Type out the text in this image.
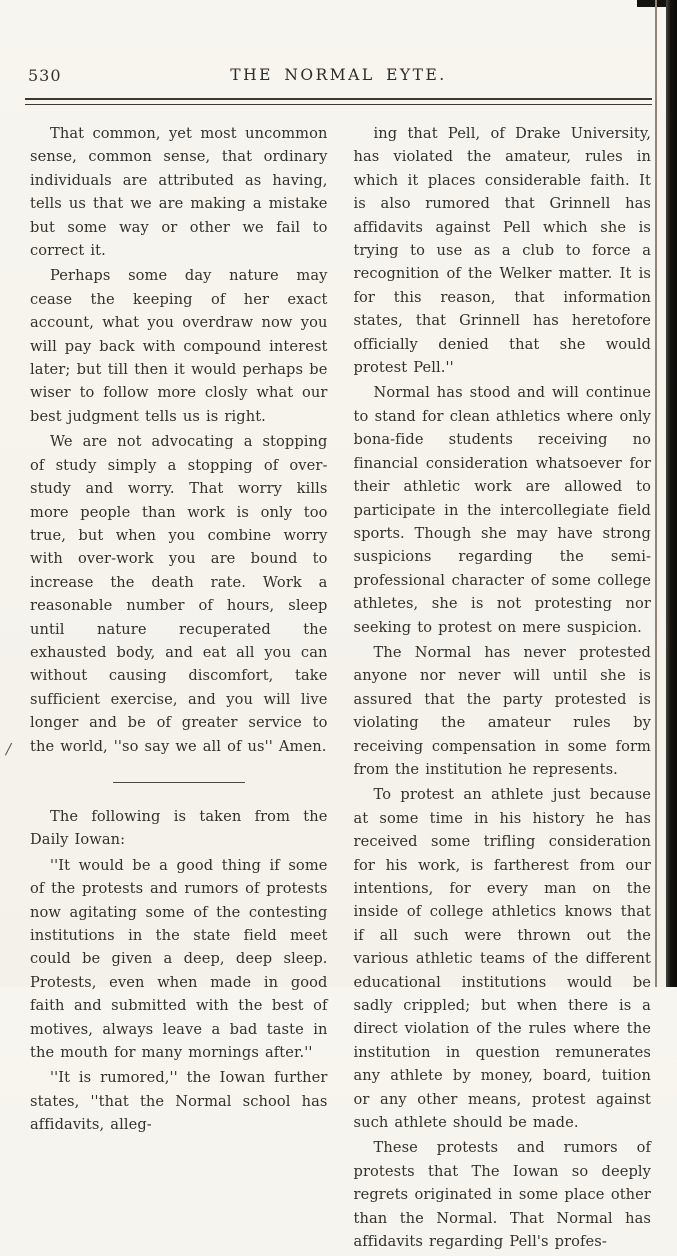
530	THE NORMAL EYTE.

That common, yet most uncommon sense, common sense, that ordinary individuals are attributed as having, tells us that we are making a mistake but some way or other we fail to correct it.

Perhaps some day nature may cease the keeping of her exact account, what you overdraw now you will pay back with compound interest later; but till then it would perhaps be wiser to follow more closly what our best judgment tells us is right.

We are not advocating a stopping of study simply a stopping of over-study and worry. That worry kills more people than work is only too true, but when you combine worry with over-work you are bound to increase the death rate. Work a reasonable number of hours, sleep until nature recuperated the exhausted body, and eat all you can without causing discomfort, take sufficient exercise, and you will live longer and be of greater service to the world, ''so say we all of us'' Amen.

The following is taken from the Daily Iowan:

''It would be a good thing if some of the protests and rumors of protests now agitating some of the contesting institutions in the state field meet could be given a deep, deep sleep. Protests, even when made in good faith and submitted with the best of motives, always leave a bad taste in the mouth for many mornings after.''

''It is rumored,'' the Iowan further states, ''that the Normal school has affidavits, alleg-

ing that Pell, of Drake University, has violated the amateur, rules in which it places considerable faith. It is also rumored that Grinnell has affidavits against Pell which she is trying to use as a club to force a recognition of the Welker matter. It is for this reason, that information states, that Grinnell has heretofore officially denied that she would protest Pell.''

Normal has stood and will continue to stand for clean athletics where only bona-fide students receiving no financial consideration whatsoever for their athletic work are allowed to participate in the intercollegiate field sports. Though she may have strong suspicions regarding the semi-professional character of some college athletes, she is not protesting nor seeking to protest on mere suspicion.

The Normal has never protested anyone nor never will until she is assured that the party protested is violating the amateur rules by receiving compensation in some form from the institution he represents.

To protest an athlete just because at some time in his history he has received some trifling consideration for his work, is fartherest from our intentions, for every man on the inside of college athletics knows that if all such were thrown out the various athletic teams of the different educational institutions would be sadly crippled; but when there is a direct violation of the rules where the institution in question remunerates any athlete by money, board, tuition or any other means, protest against such athlete should be made.

These protests and rumors of protests that The Iowan so deeply regrets originated in some place other than the Normal. That Normal has affidavits regarding Pell's profes-

/
